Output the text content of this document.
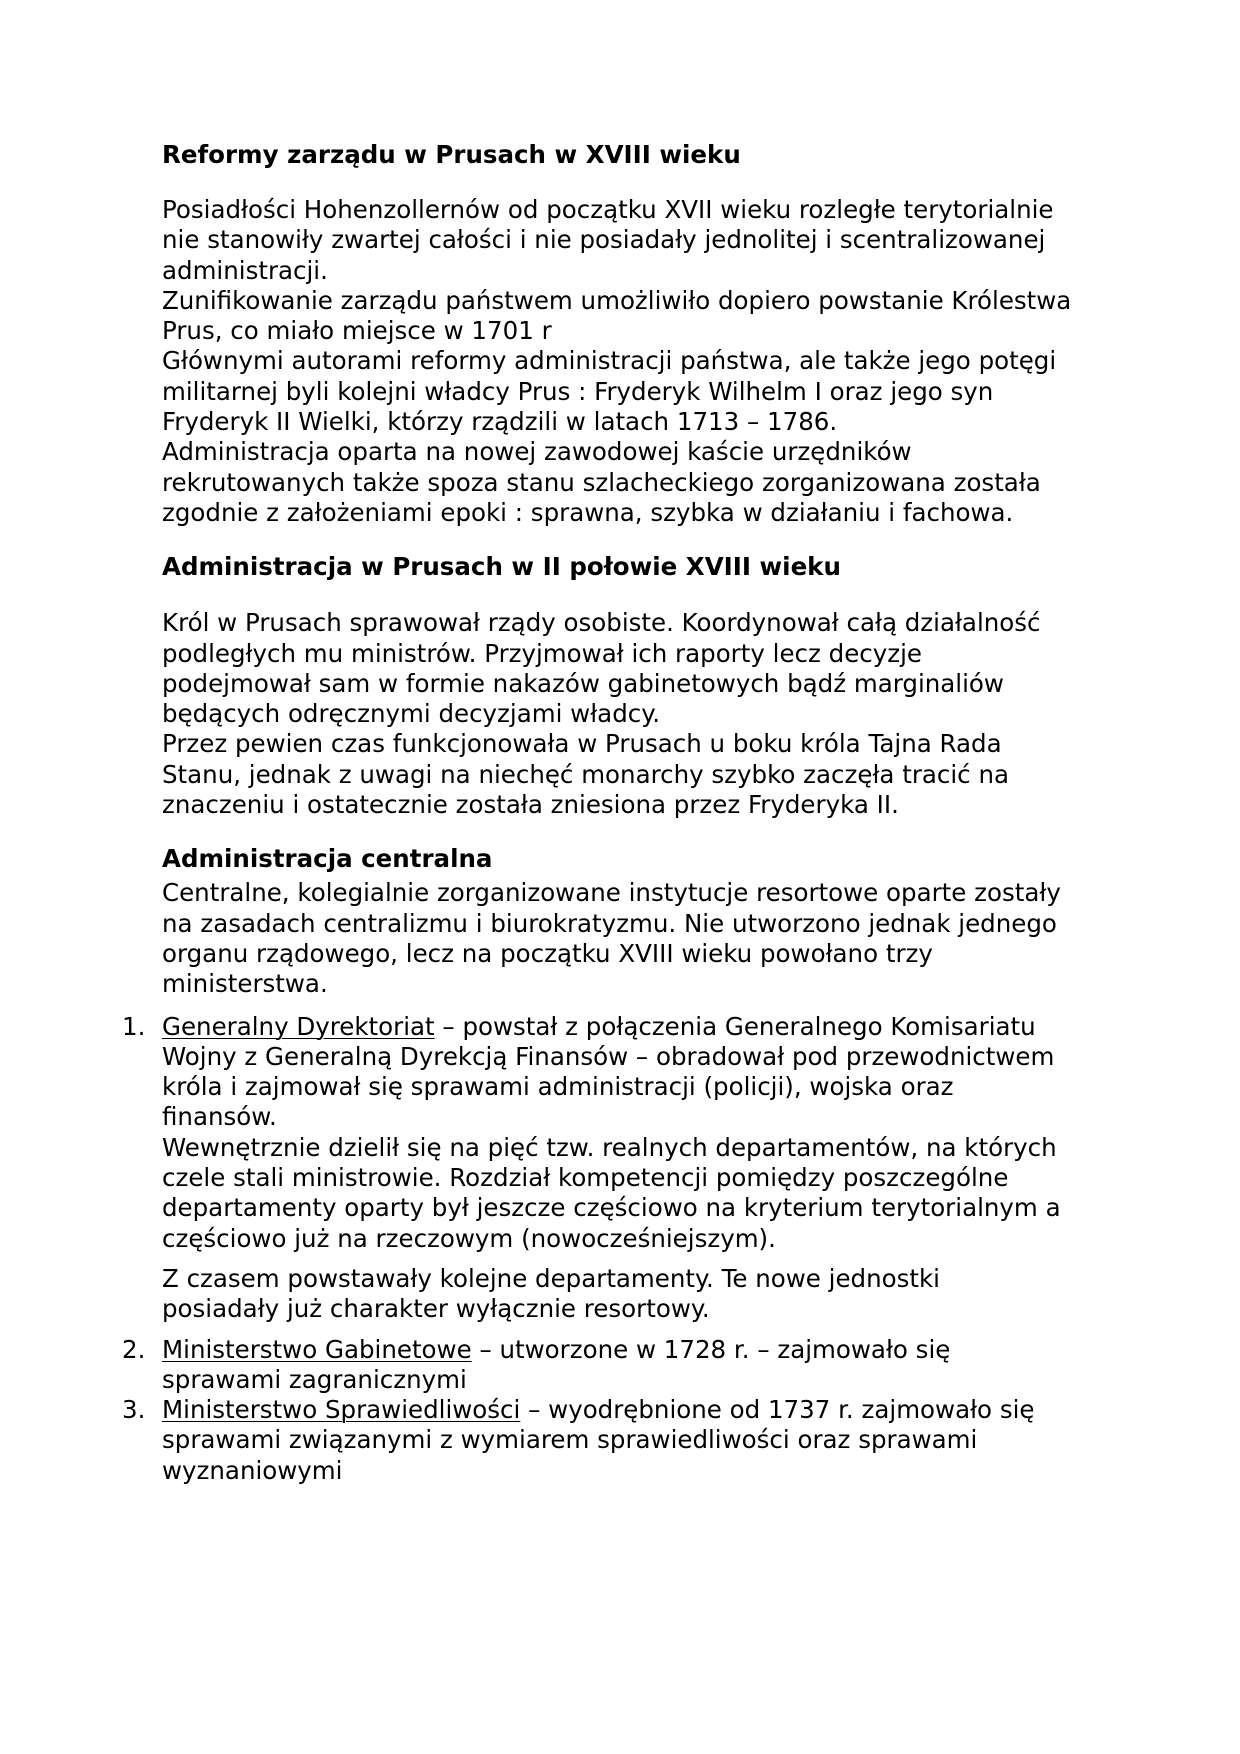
Reformy zarządu w Prusach w XVIII wieku
Posiadłości Hohenzollernów od początku XVII wieku rozległe terytorialnie
nie stanowiły zwartej całości i nie posiadały jednolitej i scentralizowanej
administracji.
Zunifikowanie zarządu państwem umożliwiło dopiero powstanie Królestwa
Prus, co miało miejsce w 1701 r
Głównymi autorami reformy administracji państwa, ale także jego potęgi
militarnej byli kolejni władcy Prus : Fryderyk Wilhelm I oraz jego syn
Fryderyk II Wielki, którzy rządzili w latach 1713 – 1786.
Administracja oparta na nowej zawodowej kaście urzędników
rekrutowanych także spoza stanu szlacheckiego zorganizowana została
zgodnie z założeniami epoki : sprawna, szybka w działaniu i fachowa.
Administracja w Prusach w II połowie XVIII wieku
Król w Prusach sprawował rządy osobiste. Koordynował całą działalność
podległych mu ministrów. Przyjmował ich raporty lecz decyzje
podejmował sam w formie nakazów gabinetowych bądź marginaliów
będących odręcznymi decyzjami władcy.
Przez pewien czas funkcjonowała w Prusach u boku króla Tajna Rada
Stanu, jednak z uwagi na niechęć monarchy szybko zaczęła tracić na
znaczeniu i ostatecznie została zniesiona przez Fryderyka II.
Administracja centralna
Centralne, kolegialnie zorganizowane instytucje resortowe oparte zostały
na zasadach centralizmu i biurokratyzmu. Nie utworzono jednak jednego
organu rządowego, lecz na początku XVIII wieku powołano trzy
ministerstwa.
1. Generalny Dyrektoriat – powstał z połączenia Generalnego Komisariatu
Wojny z Generalną Dyrekcją Finansów – obradował pod przewodnictwem
króla i zajmował się sprawami administracji (policji), wojska oraz
finansów.
Wewnętrznie dzielił się na pięć tzw. realnych departamentów, na których
czele stali ministrowie. Rozdział kompetencji pomiędzy poszczególne
departamenty oparty był jeszcze częściowo na kryterium terytorialnym a
częściowo już na rzeczowym (nowocześniejszym).
Z czasem powstawały kolejne departamenty. Te nowe jednostki
posiadały już charakter wyłącznie resortowy.
2. Ministerstwo Gabinetowe – utworzone w 1728 r. – zajmowało się
sprawami zagranicznymi
3. Ministerstwo Sprawiedliwości – wyodrębnione od 1737 r. zajmowało się
sprawami związanymi z wymiarem sprawiedliwości oraz sprawami
wyznaniowymi
